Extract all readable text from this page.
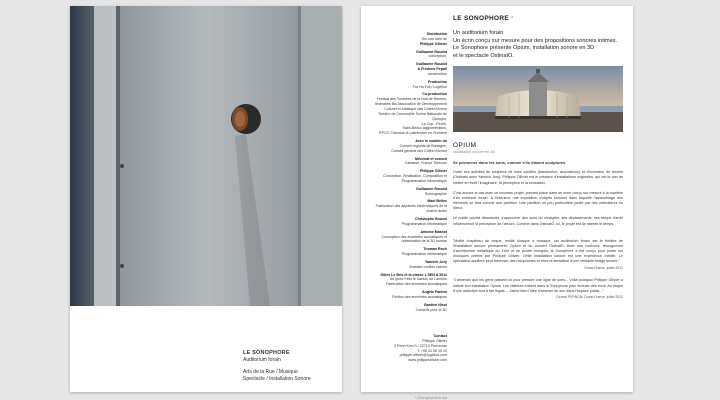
LE SONOPHORE
Auditorium forain
Arts de la Rue / Musique
Spectacle / Installation Sonore
LE SONOPHORE *
Distribution
Sur une idée de
Philippe Ollivier
Guillaume Roudot
conception,
Guillaume Roudot
& Frédéric Pepall
construction
Production
Fur Ha Foll / Logelloù
Co-production
Festival des Tombées de la Nuit de Rennes, Itinéraires Bis Association de Développement Culturel et Artistique des Côtes d'Armor
Théâtre de Cornouaille Scène Nationale de Quimper,
La Cop - Perrin,
Saint-Brieuc Agglomération,
EPCC Chemins du patrimoine en Finistère
Avec le soutien du
Conseil régional de Bretagne,
Conseil général des Côtes d'Armor
Mécénat et conseil
Cabasse, France Télécom
Philippe Ollivier
Conception, Réalisation, Composition et Programmation informatique
Guillaume Roudot
Scénographie
Mael Bellec
Fabrication des appareils électroniques de la chaîne audio
Christophe Rouxel
Programmation informatique
Antoine Masset
Conception des enceintes acoustiques et optimisation de la 3D sonore
Thomas Roch
Programmation informatique
Yannick Jory
Grandes oreilles vicines
Gilles Le Bris et la classe 1 SEN A 2011
du lycée Félix le Dantec de Lannion
Fabrication des enceintes acoustiques
Angèle Fanton
Finition des enceintes acoustiques
Bastien Nicol
Conseils pour la 3D
Contact
Philippe Ollivier
2 Penn Krec'h - 22710 Penvenan
T. +06 41 08 15 10
philippe.ollivier@logelloù.com
www.philippeollivier.com
* Celui qui porte le son
Un auditorium forain
Un écrin conçu sur mesure pour des propositions sonores intimes.
Le Sonophore présente Opium, installation sonore en 3D
et le spectacle OstinatO.
OPIUM
Installation sonore en 3D
Se promener dans les sons, comme s'ils étaient sculptures

Outre ses activités de sculpteur de sons soufflés (bandonéon, accordéons) et d'inventeur de formes (Ostinato avec Yannick Jory), Philippe Ollivier est le créateur d'installations originales, qui ont le don de mettre en éveil l'imaginaire, la perception et la sensation.

C'est encore le cas avec ce nouveau projet, prenant place dans un écrin conçu sur mesure à la manière d'un entresort forain. À l'intérieur, une exposition d'objets sonores dans laquelle l'assemblage des éléments se fera comme une partition. Une partition un peu particulière jouée par des ordinateurs en direct.

Le public pourra déambuler, s'approcher des sons ou s'installer, ses déplacements, ses temps d'arrêt influenceront la perception de l'œuvre. Comme dans OstinatO, ici, le projet est de ralentir le temps.

"Moitié chapiteau de cirque, moitié kiosque à musique, cet auditorium forain est le théâtre de l'installation sonore permanente Opium et du concert OstinatO. Avec ses contours, résurgences d'architecture métallique du XIXe et de yourte mongole, le Sonophore a été conçu pour porter les musiques créées par Philippe Ollivier. Cette installation sonore est une expérience inédite. Le spectateur-auditeur peut traverser des holophones et vivre la sensation d'une véritable image sonore."
Ouest-France, juillet 2012
"J'aimerais que les gens passent ici pour prendre une ligne de sons... Voilà pourquoi Philippe Ollivier a intitulé son installation Opium. Les visiteurs entrent dans le Sonophore pour écouter des sons. Au risque d'une addiction tout à fait légale... J'aime bien l'idée d'amener du son dans l'espace public..."
Gérard PERNON, Ouest-France, juillet 2012
